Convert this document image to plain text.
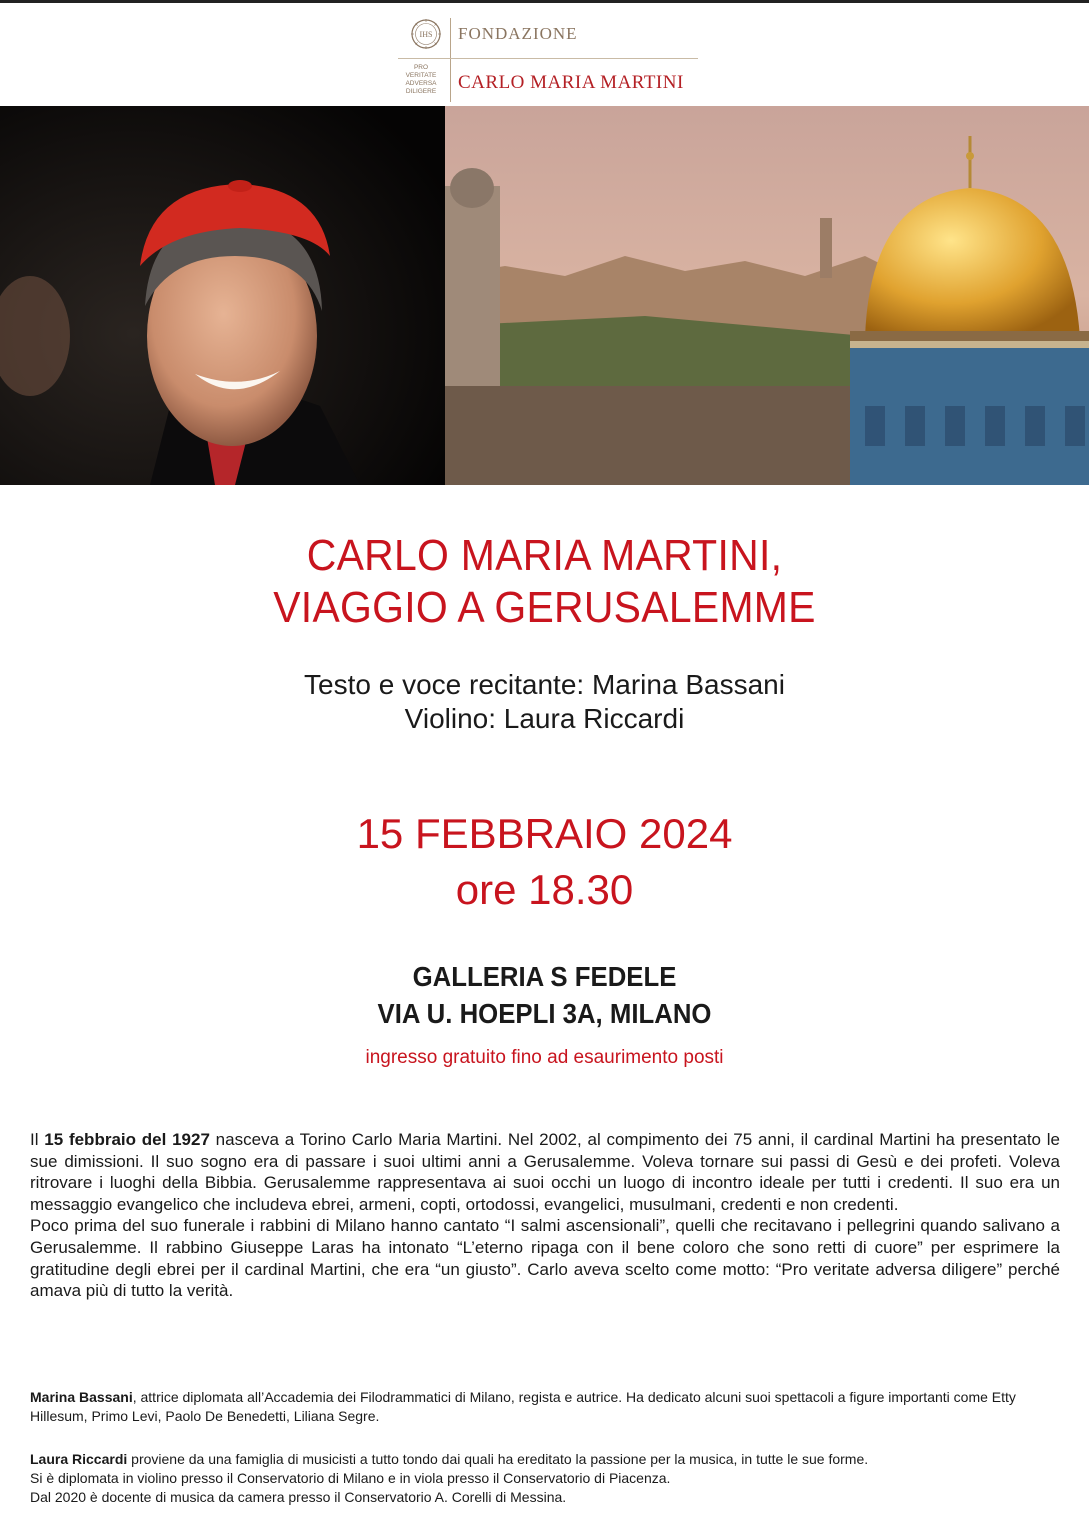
IHS FONDAZIONE
CARLO MARIA MARTINI
PRO
VERITATE
ADVERSA
DILIGERE
CARLO MARIA MARTINI,
VIAGGIO A GERUSALEMME
Testo e voce recitante: Marina Bassani
Violino: Laura Riccardi
15 FEBBRAIO 2024
ore 18.30
GALLERIA S FEDELE
VIA U. HOEPLI 3A, MILANO
ingresso gratuito fino ad esaurimento posti

Il 15 febbraio del 1927 nasceva a Torino Carlo Maria Martini. Nel 2002, al compimento dei 75 anni, il cardinal Martini ha presentato le sue dimissioni. Il suo sogno era di passare i suoi ultimi anni a Gerusalemme. Voleva tornare sui passi di Gesù e dei profeti. Voleva ritrovare i luoghi della Bibbia. Gerusalemme rappresentava ai suoi occhi un luogo di incontro ideale per tutti i credenti. Il suo era un messaggio evangelico che includeva ebrei, armeni, copti, ortodossi, evangelici, musulmani, credenti e non credenti.

Poco prima del suo funerale i rabbini di Milano hanno cantato “I salmi ascensionali”, quelli che recitavano i pellegrini quando salivano a Gerusalemme. Il rabbino Giuseppe Laras ha intonato “L’eterno ripaga con il bene coloro che sono retti di cuore” per esprimere la gratitudine degli ebrei per il cardinal Martini, che era “un giusto”. Carlo aveva scelto come motto: “Pro veritate adversa diligere” perché amava più di tutto la verità.

Marina Bassani, attrice diplomata all’Accademia dei Filodrammatici di Milano, regista e autrice. Ha dedicato alcuni suoi spettacoli a figure importanti come Etty Hillesum, Primo Levi, Paolo De Benedetti, Liliana Segre.

Laura Riccardi proviene da una famiglia di musicisti a tutto tondo dai quali ha ereditato la passione per la musica, in tutte le sue forme.

Si è diplomata in violino presso il Conservatorio di Milano e in viola presso il Conservatorio di Piacenza.

Dal 2020 è docente di musica da camera presso il Conservatorio A. Corelli di Messina.
